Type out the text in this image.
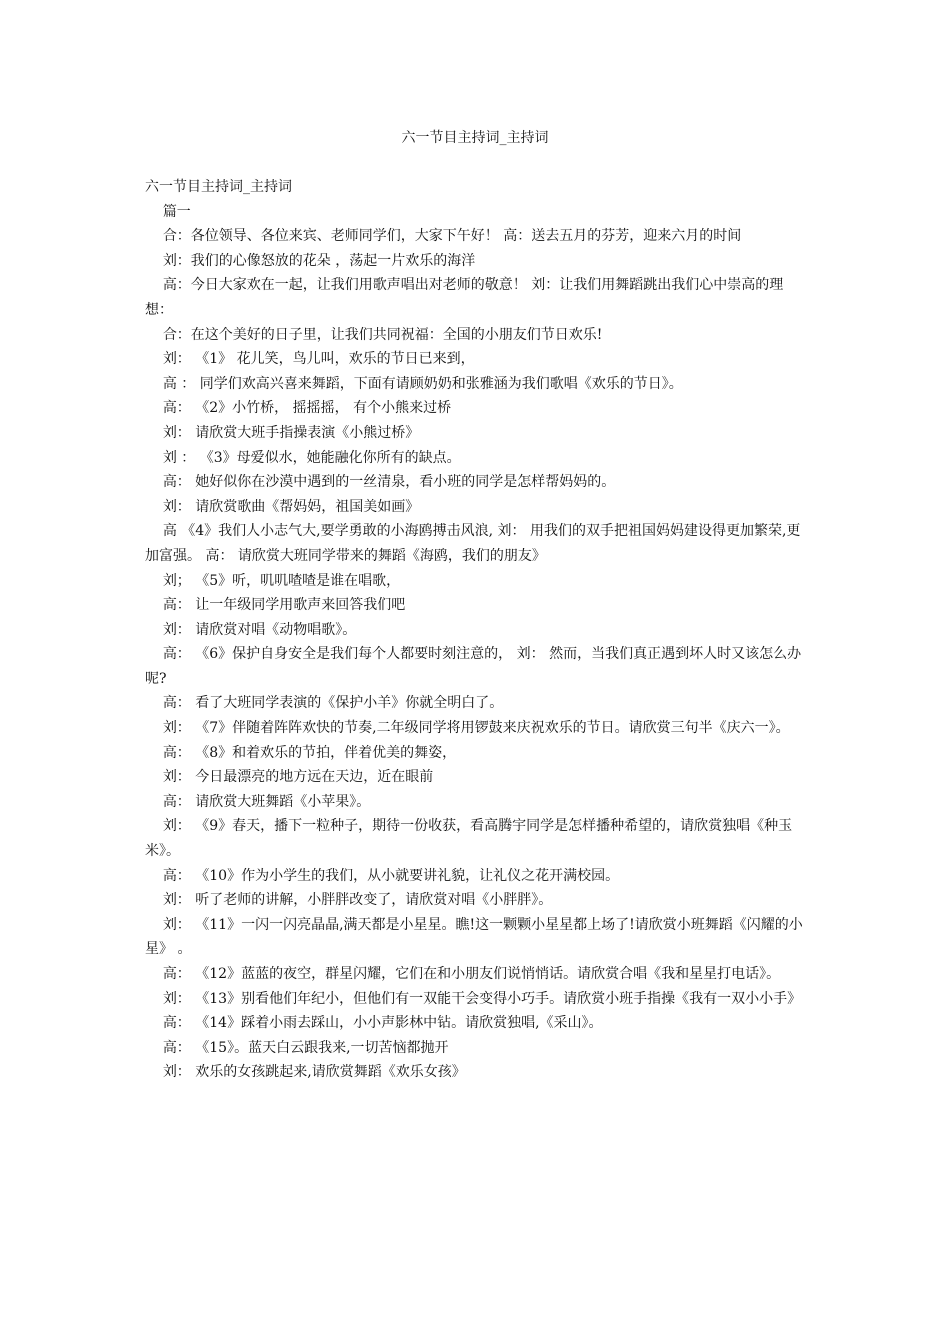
六一节目主持词_主持词

六一节目主持词_主持词

篇一

合：各位领导、各位来宾、老师同学们，大家下午好！ 高：送去五月的芬芳，迎来六月的时间

刘：我们的心像怒放的花朵 ，荡起一片欢乐的海洋

高：今日大家欢在一起，让我们用歌声唱出对老师的敬意！ 刘：让我们用舞蹈跳出我们心中崇高的理想：

合：在这个美好的日子里，让我们共同祝福：全国的小朋友们节日欢乐!

刘： 《1》 花儿笑，鸟儿叫，欢乐的节日已来到，

高 ： 同学们欢高兴喜来舞蹈，下面有请顾奶奶和张雅涵为我们歌唱《欢乐的节日》。

高： 《2》小竹桥， 摇摇摇， 有个小熊来过桥

刘： 请欣赏大班手指操表演《小熊过桥》

刘 ： 《3》母爱似水，她能融化你所有的缺点。

高： 她好似你在沙漠中遇到的一丝清泉，看小班的同学是怎样帮妈妈的。

刘： 请欣赏歌曲《帮妈妈，祖国美如画》

高 《4》我们人小志气大,要学勇敢的小海鸥搏击风浪, 刘： 用我们的双手把祖国妈妈建设得更加繁荣,更加富强。 高： 请欣赏大班同学带来的舞蹈《海鸥，我们的朋友》

刘； 《5》听，叽叽喳喳是谁在唱歌，

高： 让一年级同学用歌声来回答我们吧

刘： 请欣赏对唱《动物唱歌》。

高： 《6》保护自身安全是我们每个人都要时刻注意的， 刘： 然而，当我们真正遇到坏人时又该怎么办呢?

高： 看了大班同学表演的《保护小羊》你就全明白了。

刘： 《7》伴随着阵阵欢快的节奏,二年级同学将用锣鼓来庆祝欢乐的节日。请欣赏三句半《庆六一》。

高： 《8》和着欢乐的节拍，伴着优美的舞姿，

刘： 今日最漂亮的地方远在天边，近在眼前

高： 请欣赏大班舞蹈《小苹果》。

刘： 《9》春天，播下一粒种子，期待一份收获，看高腾宇同学是怎样播种希望的，请欣赏独唱《种玉米》。

高： 《10》作为小学生的我们，从小就要讲礼貌，让礼仪之花开满校园。

刘： 听了老师的讲解，小胖胖改变了，请欣赏对唱《小胖胖》。

刘： 《11》一闪一闪亮晶晶,满天都是小星星。瞧!这一颗颗小星星都上场了!请欣赏小班舞蹈《闪耀的小星》 。

高： 《12》蓝蓝的夜空，群星闪耀，它们在和小朋友们说悄悄话。请欣赏合唱《我和星星打电话》。

刘： 《13》别看他们年纪小，但他们有一双能干会变得小巧手。请欣赏小班手指操《我有一双小小手》

高： 《14》踩着小雨去踩山，小小声影林中钻。请欣赏独唱,《采山》。

高： 《15》。蓝天白云跟我来,一切苦恼都抛开

刘： 欢乐的女孩跳起来,请欣赏舞蹈《欢乐女孩》
